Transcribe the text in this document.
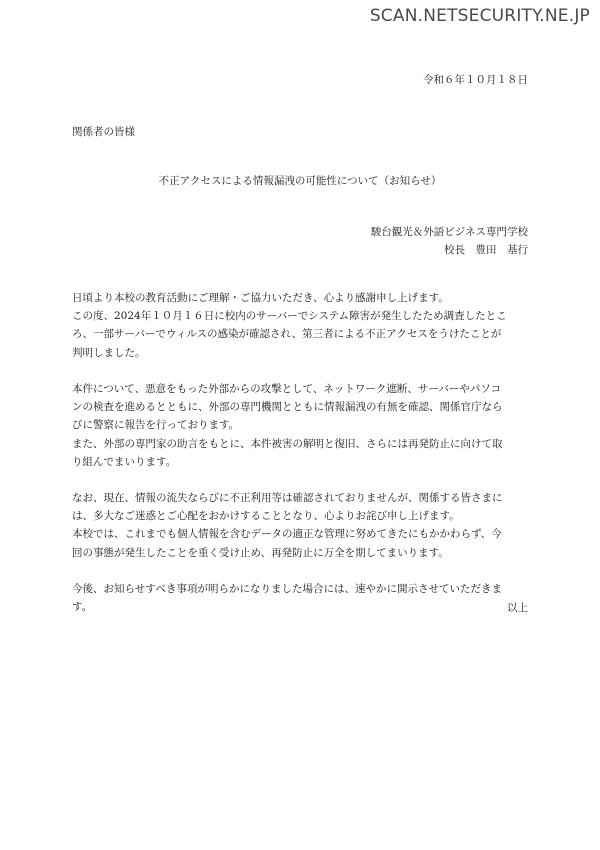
SCAN.NETSECURITY.NE.JP
令和６年１０月１８日
関係者の皆様
不正アクセスによる情報漏洩の可能性について（お知らせ）
駿台観光＆外語ビジネス専門学校
校長　豊田　基行
日頃より本校の教育活動にご理解・ご協力いただき、心より感謝申し上げます。
この度、2024年１０月１６日に校内のサーバーでシステム障害が発生したため調査したとこ
ろ、一部サーバーでウィルスの感染が確認され、第三者による不正アクセスをうけたことが
判明しました。
本件について、悪意をもった外部からの攻撃として、ネットワーク遮断、サーバーやパソコ
ンの検査を進めるとともに、外部の専門機関とともに情報漏洩の有無を確認、関係官庁なら
びに警察に報告を行っております。
また、外部の専門家の助言をもとに、本件被害の解明と復旧、さらには再発防止に向けて取
り組んでまいります。
なお、現在、情報の流失ならびに不正利用等は確認されておりませんが、関係する皆さまに
は、多大なご迷惑とご心配をおかけすることとなり、心よりお詫び申し上げます。
本校では、これまでも個人情報を含むデータの適正な管理に努めてきたにもかかわらず、今
回の事態が発生したことを重く受け止め、再発防止に万全を期してまいります。
今後、お知らせすべき事項が明らかになりました場合には、速やかに開示させていただきま
す。	以上
